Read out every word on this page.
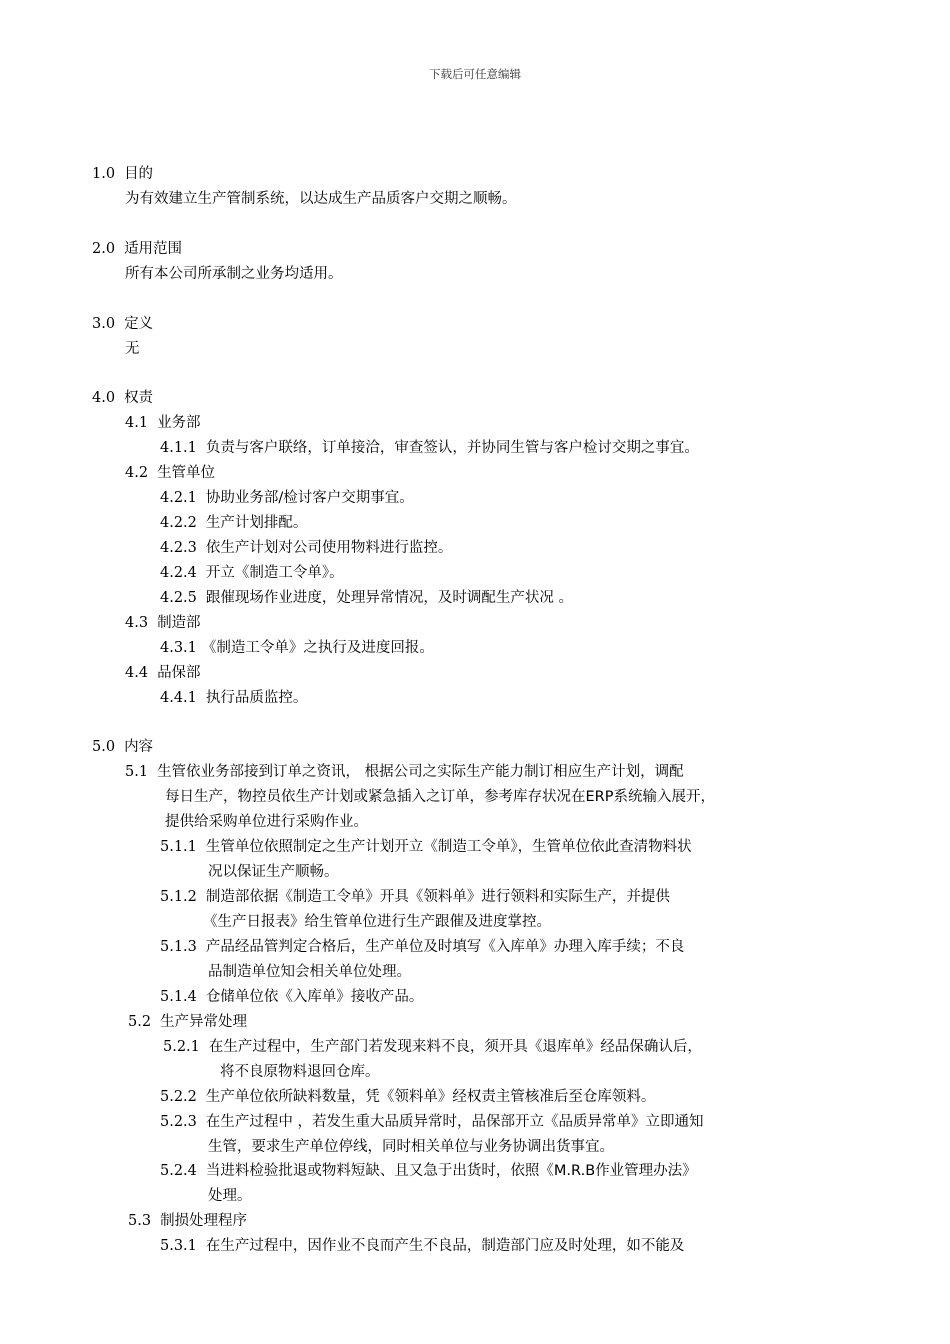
下载后可任意编辑
1.0 目的
为有效建立生产管制系统，以达成生产品质客户交期之顺畅。
2.0 适用范围
所有本公司所承制之业务均适用。
3.0 定义
无
4.0 权责
4.1 业务部
4.1.1 负责与客户联络，订单接洽，审查签认，并协同生管与客户检讨交期之事宜。
4.2 生管单位
4.2.1 协助业务部/检讨客户交期事宜。
4.2.2 生产计划排配。
4.2.3 依生产计划对公司使用物料进行监控。
4.2.4 开立《制造工令单》。
4.2.5 跟催现场作业进度，处理异常情况，及时调配生产状况 。
4.3 制造部
4.3.1 《制造工令单》之执行及进度回报。
4.4 品保部
4.4.1 执行品质监控。
5.0 内容
5.1 生管依业务部接到订单之资讯， 根据公司之实际生产能力制订相应生产计划，调配
每日生产，物控员依生产计划或紧急插入之订单，参考库存状况在ERP系统输入展开，
提供给采购单位进行采购作业。
5.1.1 生管单位依照制定之生产计划开立《制造工令单》，生管单位依此查清物料状
况以保证生产顺畅。
5.1.2 制造部依据《制造工令单》开具《领料单》进行领料和实际生产，并提供
《生产日报表》给生管单位进行生产跟催及进度掌控。
5.1.3 产品经品管判定合格后，生产单位及时填写《入库单》办理入库手续；不良
品制造单位知会相关单位处理。
5.1.4 仓储单位依《入库单》接收产品。
5.2 生产异常处理
5.2.1 在生产过程中，生产部门若发现来料不良，须开具《退库单》经品保确认后，
将不良原物料退回仓库。
5.2.2 生产单位依所缺料数量，凭《领料单》经权责主管核准后至仓库领料。
5.2.3 在生产过程中 ，若发生重大品质异常时，品保部开立《品质异常单》立即通知
生管，要求生产单位停线，同时相关单位与业务协调出货事宜。
5.2.4 当进料检验批退或物料短缺、且又急于出货时，依照《M.R.B作业管理办法》
处理。
5.3 制损处理程序
5.3.1 在生产过程中，因作业不良而产生不良品，制造部门应及时处理，如不能及
